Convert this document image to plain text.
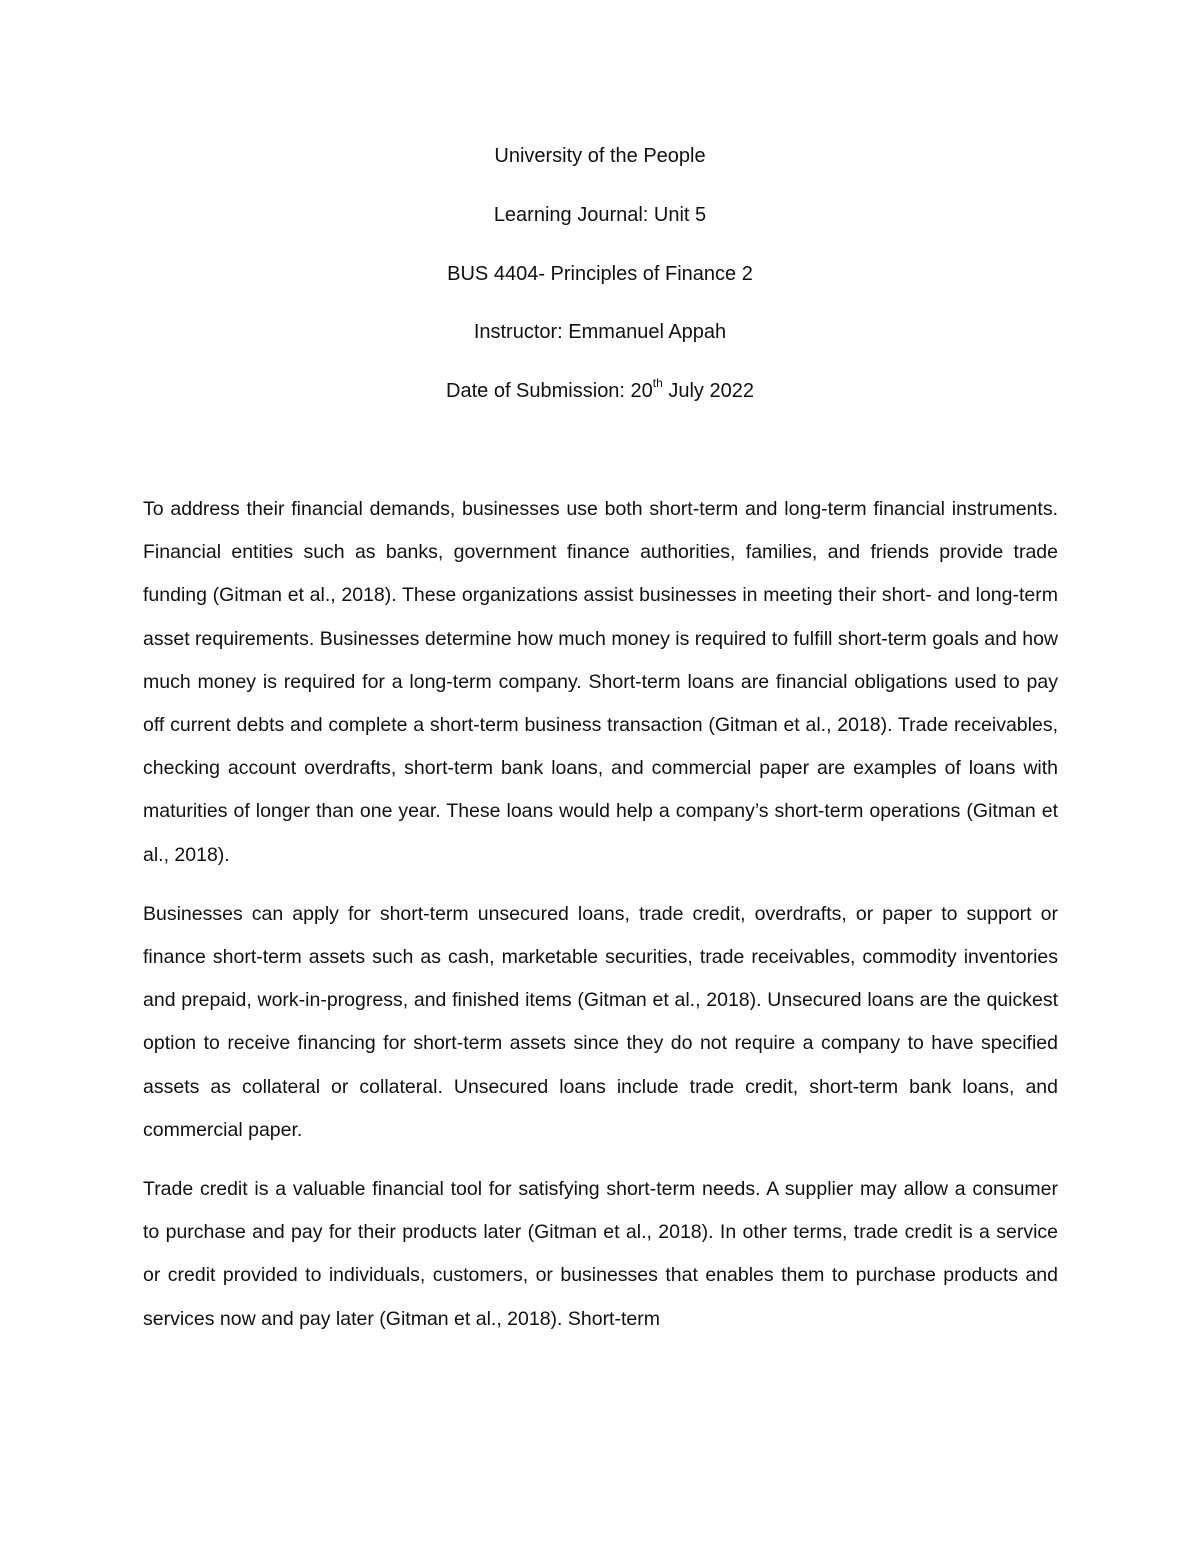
University of the People
Learning Journal: Unit 5
BUS 4404- Principles of Finance 2
Instructor: Emmanuel Appah
Date of Submission: 20th July 2022

To address their financial demands, businesses use both short-term and long-term financial instruments. Financial entities such as banks, government finance authorities, families, and friends provide trade funding (Gitman et al., 2018). These organizations assist businesses in meeting their short- and long-term asset requirements. Businesses determine how much money is required to fulfill short-term goals and how much money is required for a long-term company. Short-term loans are financial obligations used to pay off current debts and complete a short-term business transaction (Gitman et al., 2018). Trade receivables, checking account overdrafts, short-term bank loans, and commercial paper are examples of loans with maturities of longer than one year. These loans would help a company’s short-term operations (Gitman et al., 2018).

Businesses can apply for short-term unsecured loans, trade credit, overdrafts, or paper to support or finance short-term assets such as cash, marketable securities, trade receivables, commodity inventories and prepaid, work-in-progress, and finished items (Gitman et al., 2018). Unsecured loans are the quickest option to receive financing for short-term assets since they do not require a company to have specified assets as collateral or collateral. Unsecured loans include trade credit, short-term bank loans, and commercial paper.

Trade credit is a valuable financial tool for satisfying short-term needs. A supplier may allow a consumer to purchase and pay for their products later (Gitman et al., 2018). In other terms, trade credit is a service or credit provided to individuals, customers, or businesses that enables them to purchase products and services now and pay later (Gitman et al., 2018). Short-term
